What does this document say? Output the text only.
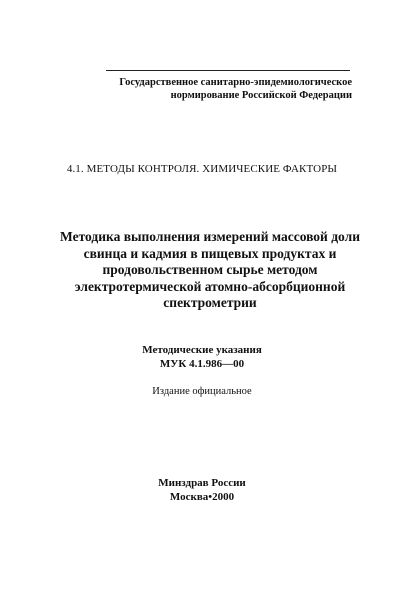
Государственное санитарно-эпидемиологическое
нормирование Российской Федерации
4.1. МЕТОДЫ КОНТРОЛЯ. ХИМИЧЕСКИЕ ФАКТОРЫ
Методика выполнения измерений массовой доли
свинца и кадмия в пищевых продуктах и
продовольственном сырье методом
электротермической атомно-абсорбционной
спектрометрии
Методические указания
МУК 4.1.986—00
Издание официальное
Минздрав России
Москва•2000
